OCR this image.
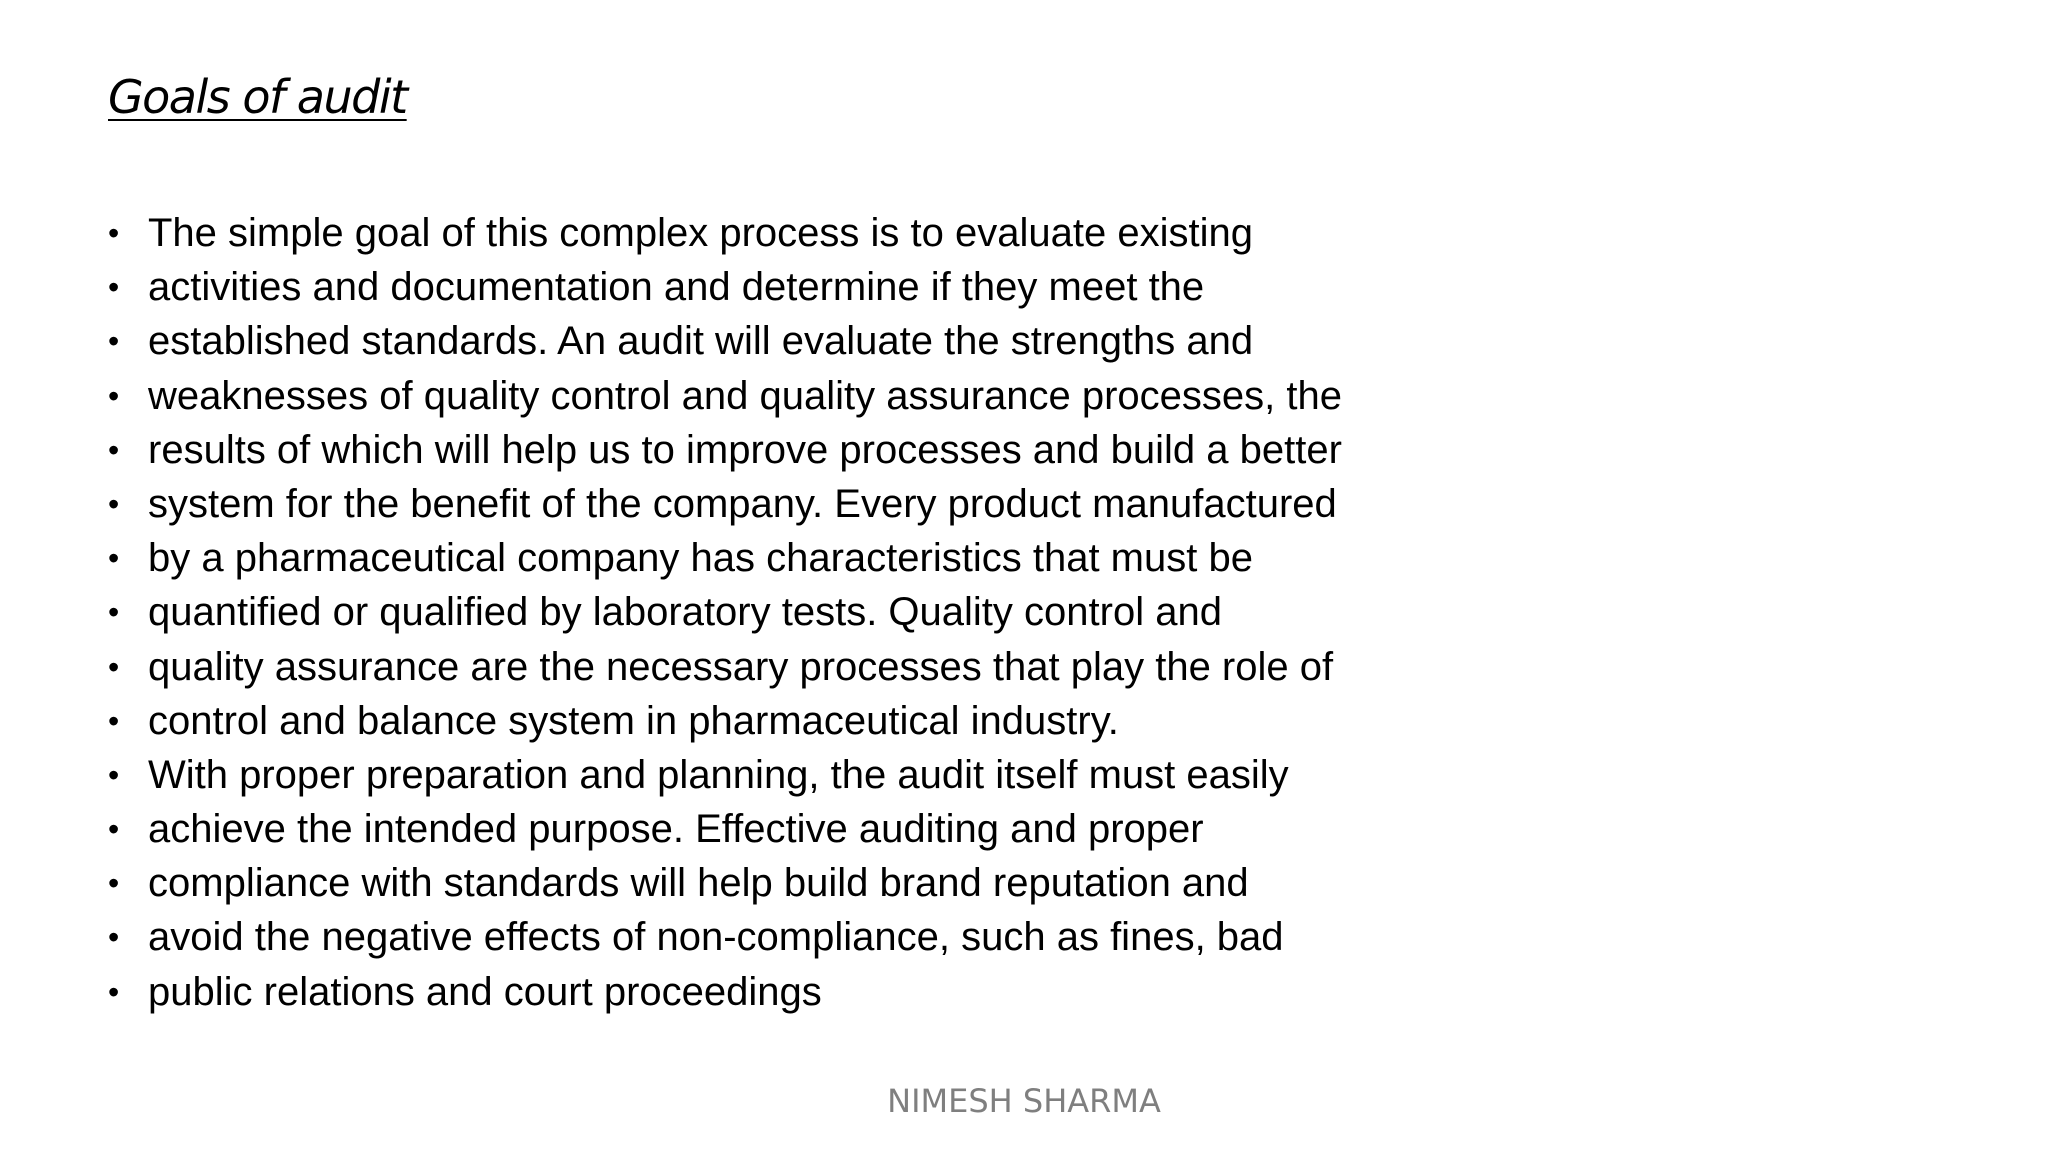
Goals of audit
• The simple goal of this complex process is to evaluate existing
• activities and documentation and determine if they meet the
• established standards. An audit will evaluate the strengths and
• weaknesses of quality control and quality assurance processes, the
• results of which will help us to improve processes and build a better
• system for the benefit of the company. Every product manufactured
• by a pharmaceutical company has characteristics that must be
• quantified or qualified by laboratory tests. Quality control and
• quality assurance are the necessary processes that play the role of
• control and balance system in pharmaceutical industry.
• With proper preparation and planning, the audit itself must easily
• achieve the intended purpose. Effective auditing and proper
• compliance with standards will help build brand reputation and
• avoid the negative effects of non-compliance, such as fines, bad
• public relations and court proceedings
NIMESH SHARMA
